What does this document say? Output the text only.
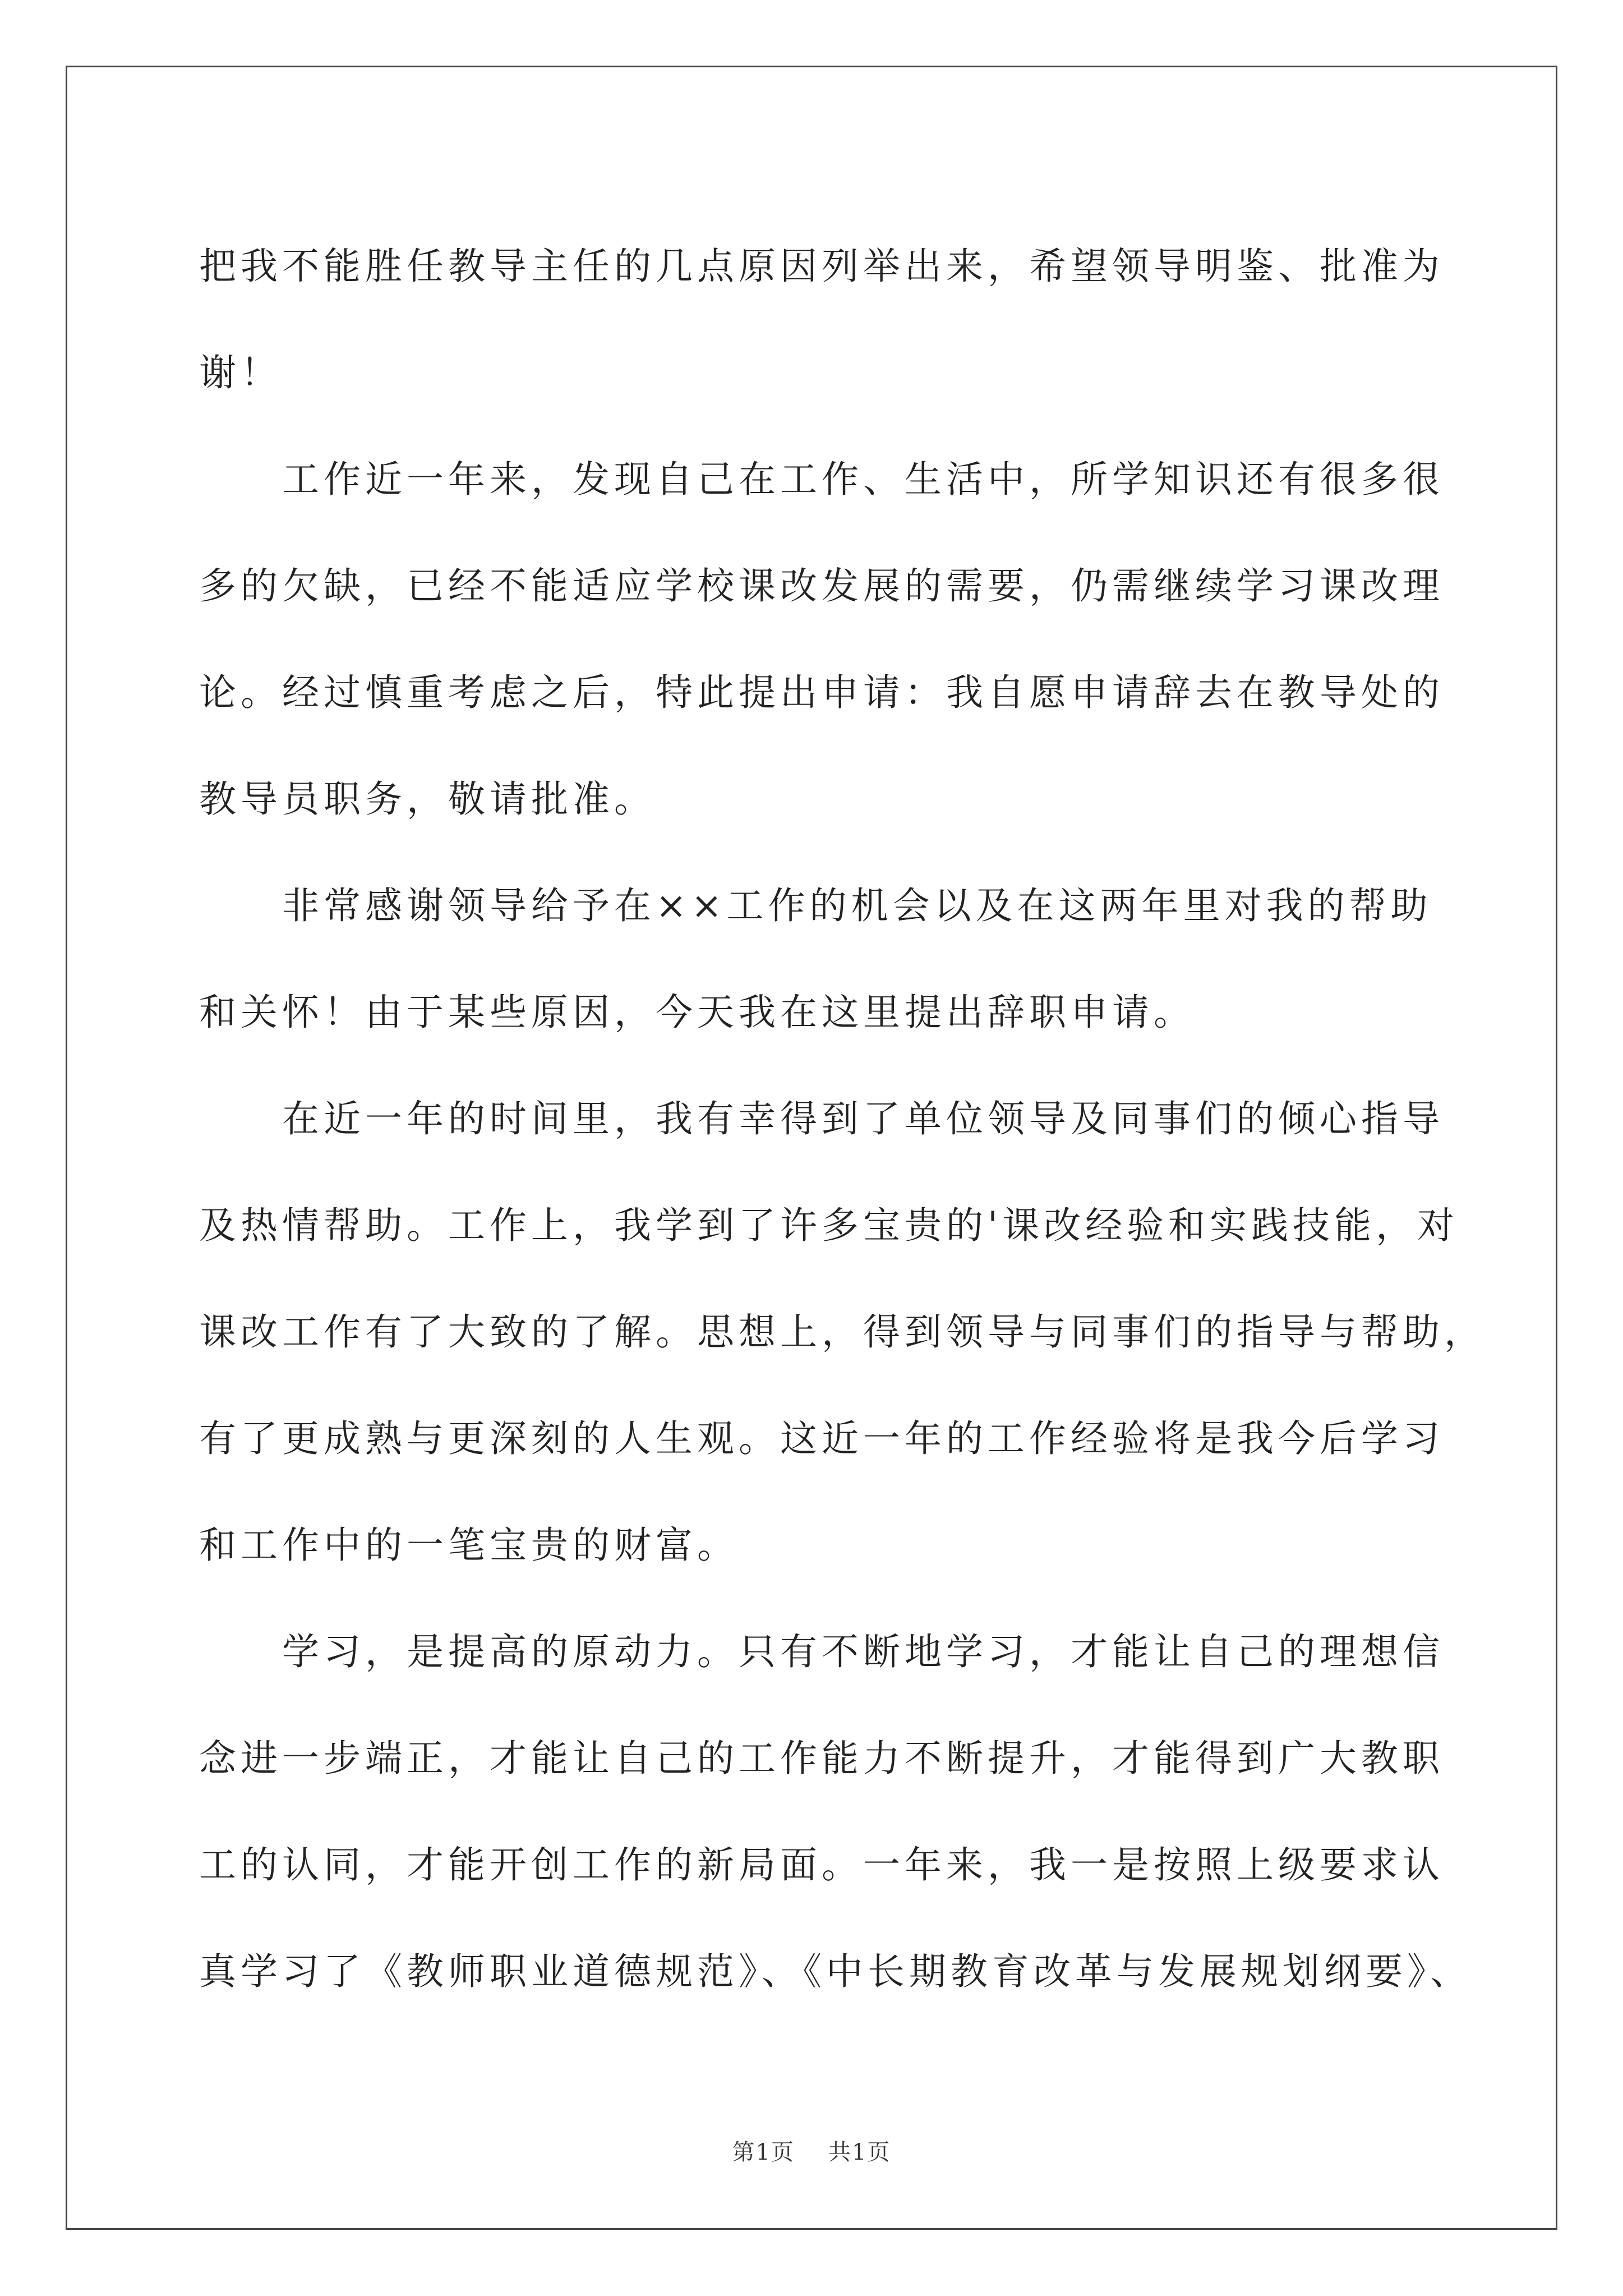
把我不能胜任教导主任的几点原因列举出来，希望领导明鉴、批准为
谢！
工作近一年来，发现自己在工作、生活中，所学知识还有很多很
多的欠缺，已经不能适应学校课改发展的需要，仍需继续学习课改理
论。经过慎重考虑之后，特此提出申请：我自愿申请辞去在教导处的
教导员职务，敬请批准。
非常感谢领导给予在××工作的机会以及在这两年里对我的帮助
和关怀！由于某些原因，今天我在这里提出辞职申请。
在近一年的时间里，我有幸得到了单位领导及同事们的倾心指导
及热情帮助。工作上，我学到了许多宝贵的'课改经验和实践技能，对
课改工作有了大致的了解。思想上，得到领导与同事们的指导与帮助，
有了更成熟与更深刻的人生观。这近一年的工作经验将是我今后学习
和工作中的一笔宝贵的财富。
学习，是提高的原动力。只有不断地学习，才能让自己的理想信
念进一步端正，才能让自己的工作能力不断提升，才能得到广大教职
工的认同，才能开创工作的新局面。一年来，我一是按照上级要求认
真学习了《教师职业道德规范》、《中长期教育改革与发展规划纲要》、
第1页 共1页
